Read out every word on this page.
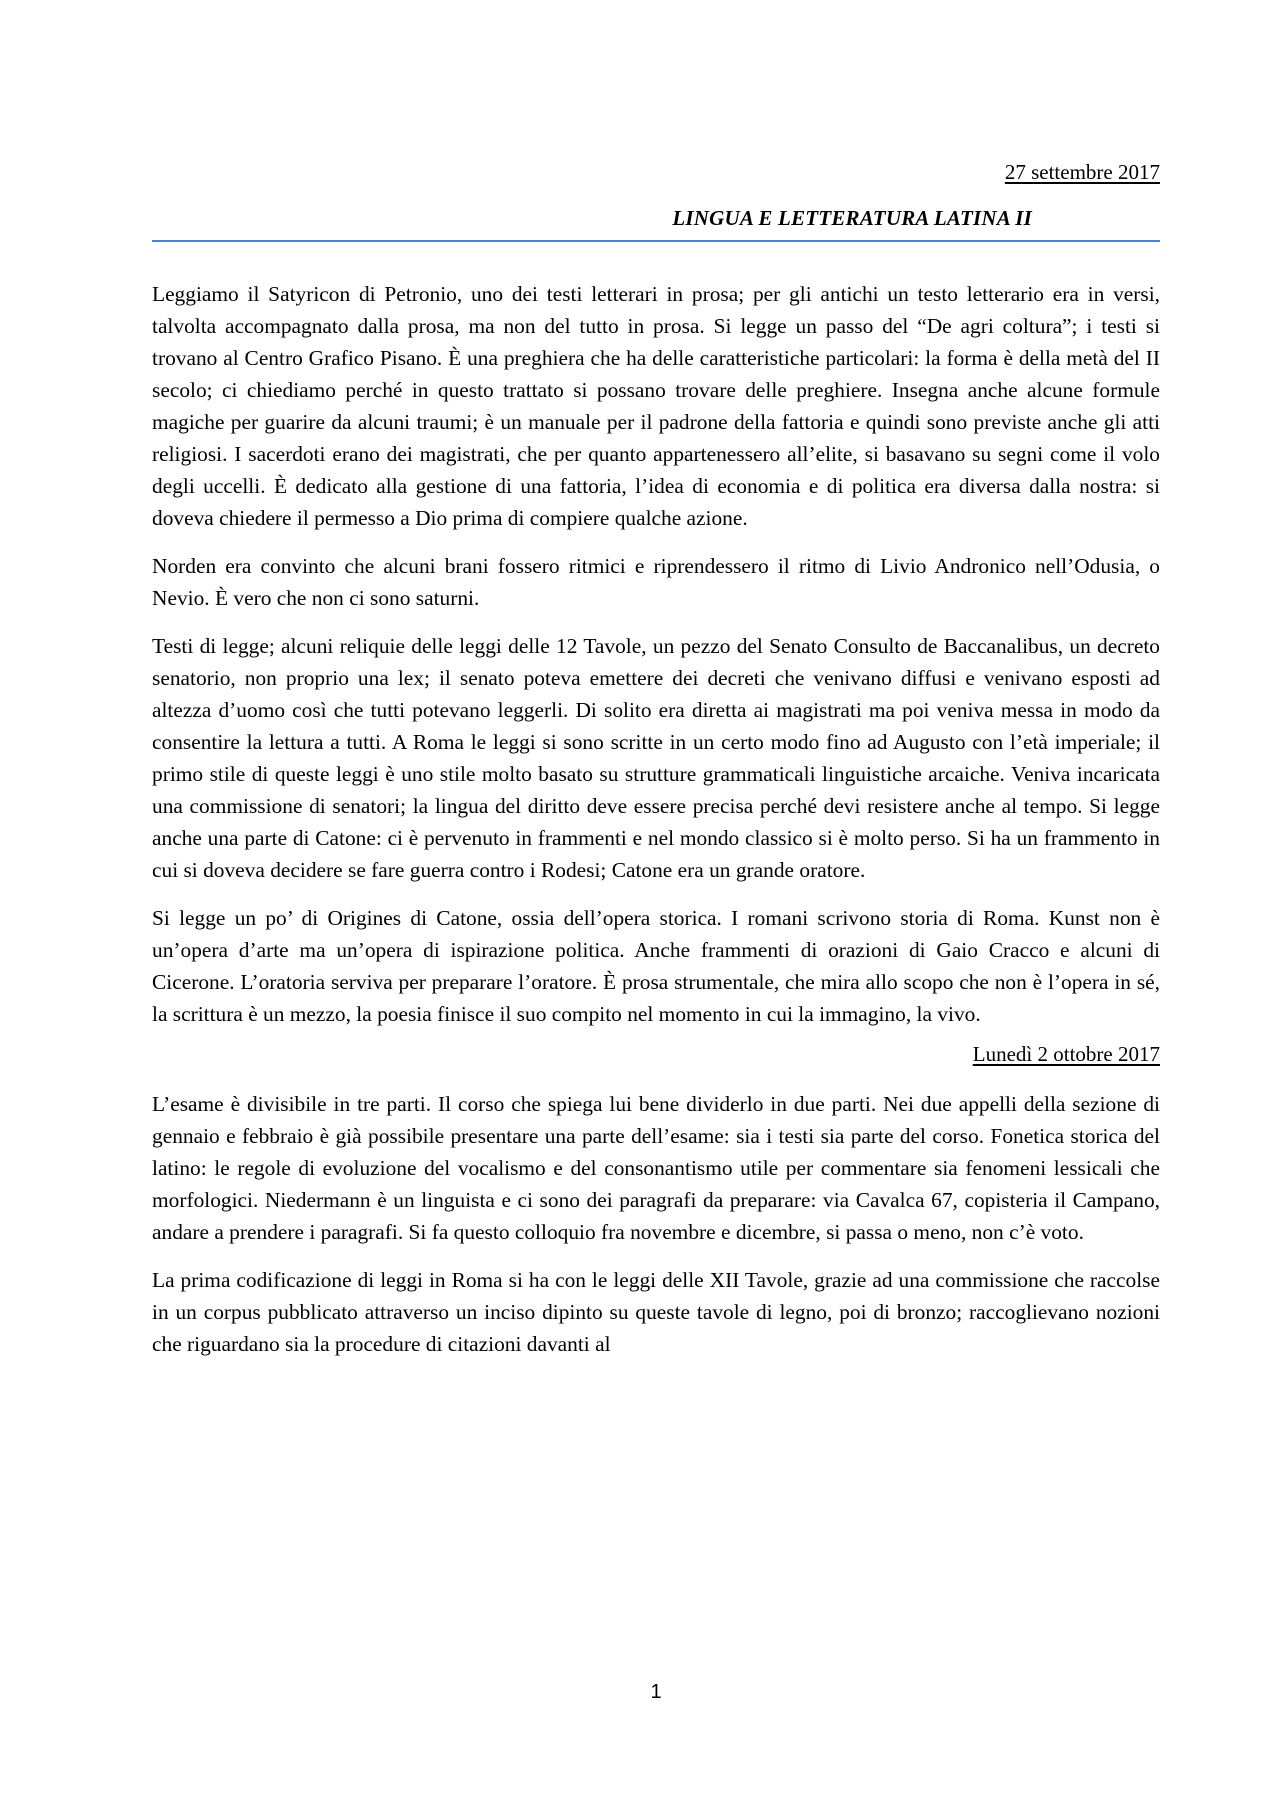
27 settembre 2017
LINGUA E LETTERATURA LATINA II

Leggiamo il Satyricon di Petronio, uno dei testi letterari in prosa; per gli antichi un testo letterario era in versi, talvolta accompagnato dalla prosa, ma non del tutto in prosa. Si legge un passo del “De agri coltura”; i testi si trovano al Centro Grafico Pisano. È una preghiera che ha delle caratteristiche particolari: la forma è della metà del II secolo; ci chiediamo perché in questo trattato si possano trovare delle preghiere. Insegna anche alcune formule magiche per guarire da alcuni traumi; è un manuale per il padrone della fattoria e quindi sono previste anche gli atti religiosi. I sacerdoti erano dei magistrati, che per quanto appartenessero all’elite, si basavano su segni come il volo degli uccelli. È dedicato alla gestione di una fattoria, l’idea di economia e di politica era diversa dalla nostra: si doveva chiedere il permesso a Dio prima di compiere qualche azione.

Norden era convinto che alcuni brani fossero ritmici e riprendessero il ritmo di Livio Andronico nell’Odusia, o Nevio. È vero che non ci sono saturni.

Testi di legge; alcuni reliquie delle leggi delle 12 Tavole, un pezzo del Senato Consulto de Baccanalibus, un decreto senatorio, non proprio una lex; il senato poteva emettere dei decreti che venivano diffusi e venivano esposti ad altezza d’uomo così che tutti potevano leggerli. Di solito era diretta ai magistrati ma poi veniva messa in modo da consentire la lettura a tutti. A Roma le leggi si sono scritte in un certo modo fino ad Augusto con l’età imperiale; il primo stile di queste leggi è uno stile molto basato su strutture grammaticali linguistiche arcaiche. Veniva incaricata una commissione di senatori; la lingua del diritto deve essere precisa perché devi resistere anche al tempo. Si legge anche una parte di Catone: ci è pervenuto in frammenti e nel mondo classico si è molto perso. Si ha un frammento in cui si doveva decidere se fare guerra contro i Rodesi; Catone era un grande oratore.

Si legge un po’ di Origines di Catone, ossia dell’opera storica. I romani scrivono storia di Roma. Kunst non è un’opera d’arte ma un’opera di ispirazione politica. Anche frammenti di orazioni di Gaio Cracco e alcuni di Cicerone. L’oratoria serviva per preparare l’oratore. È prosa strumentale, che mira allo scopo che non è l’opera in sé, la scrittura è un mezzo, la poesia finisce il suo compito nel momento in cui la immagino, la vivo.

Lunedì 2 ottobre 2017

L’esame è divisibile in tre parti. Il corso che spiega lui bene dividerlo in due parti. Nei due appelli della sezione di gennaio e febbraio è già possibile presentare una parte dell’esame: sia i testi sia parte del corso. Fonetica storica del latino: le regole di evoluzione del vocalismo e del consonantismo utile per commentare sia fenomeni lessicali che morfologici. Niedermann è un linguista e ci sono dei paragrafi da preparare: via Cavalca 67, copisteria il Campano, andare a prendere i paragrafi. Si fa questo colloquio fra novembre e dicembre, si passa o meno, non c’è voto.

La prima codificazione di leggi in Roma si ha con le leggi delle XII Tavole, grazie ad una commissione che raccolse in un corpus pubblicato attraverso un inciso dipinto su queste tavole di legno, poi di bronzo; raccoglievano nozioni che riguardano sia la procedure di citazioni davanti al

1
